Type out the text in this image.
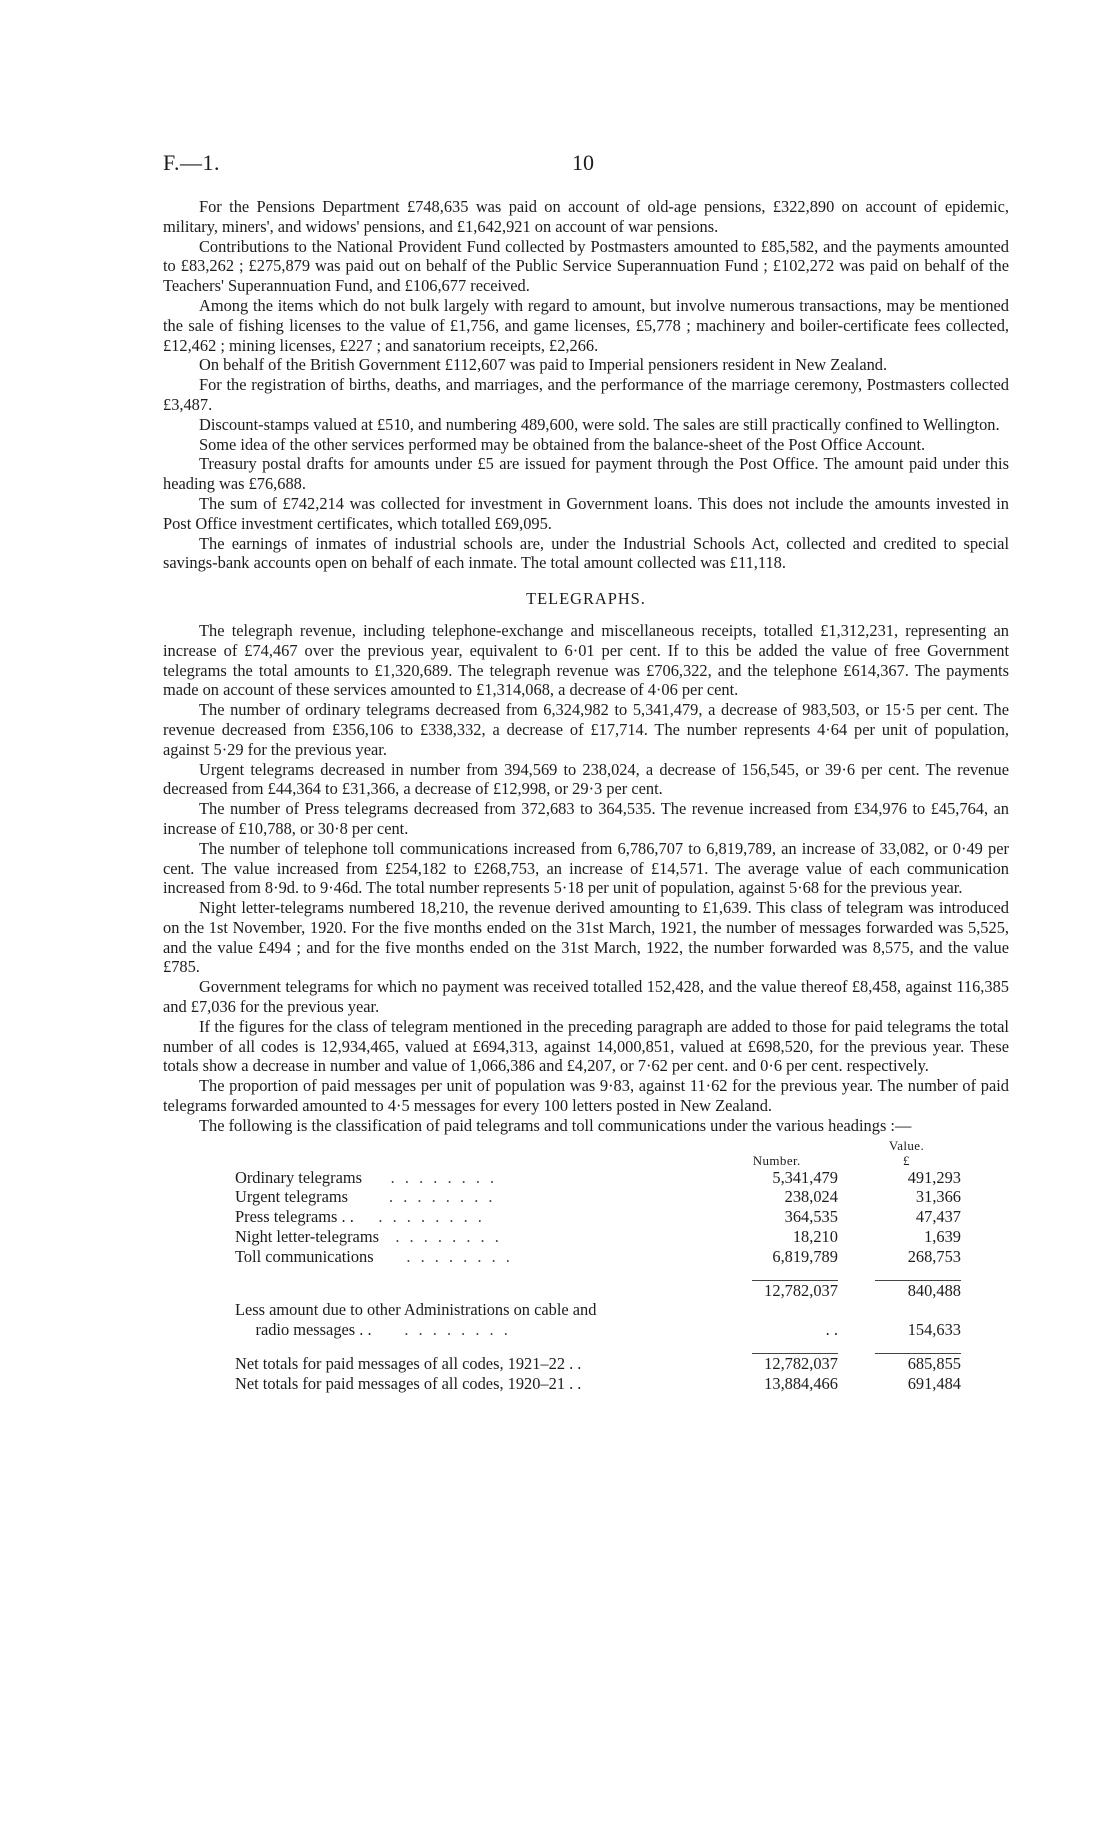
F.—1.	10

For the Pensions Department £748,635 was paid on account of old-age pensions, £322,890 on account of epidemic, military, miners', and widows' pensions, and £1,642,921 on account of war pensions.

Contributions to the National Provident Fund collected by Postmasters amounted to £85,582, and the payments amounted to £83,262 ; £275,879 was paid out on behalf of the Public Service Superannuation Fund ; £102,272 was paid on behalf of the Teachers' Superannuation Fund, and £106,677 received.

Among the items which do not bulk largely with regard to amount, but involve numerous transactions, may be mentioned the sale of fishing licenses to the value of £1,756, and game licenses, £5,778 ; machinery and boiler-certificate fees collected, £12,462 ; mining licenses, £227 ; and sanatorium receipts, £2,266.

On behalf of the British Government £112,607 was paid to Imperial pensioners resident in New Zealand.

For the registration of births, deaths, and marriages, and the performance of the marriage ceremony, Postmasters collected £3,487.

Discount-stamps valued at £510, and numbering 489,600, were sold. The sales are still practically confined to Wellington.

Some idea of the other services performed may be obtained from the balance-sheet of the Post Office Account.

Treasury postal drafts for amounts under £5 are issued for payment through the Post Office. The amount paid under this heading was £76,688.

The sum of £742,214 was collected for investment in Government loans. This does not include the amounts invested in Post Office investment certificates, which totalled £69,095.

The earnings of inmates of industrial schools are, under the Industrial Schools Act, collected and credited to special savings-bank accounts open on behalf of each inmate. The total amount collected was £11,118.

TELEGRAPHS.

The telegraph revenue, including telephone-exchange and miscellaneous receipts, totalled £1,312,231, representing an increase of £74,467 over the previous year, equivalent to 6·01 per cent. If to this be added the value of free Government telegrams the total amounts to £1,320,689. The telegraph revenue was £706,322, and the telephone £614,367. The payments made on account of these services amounted to £1,314,068, a decrease of 4·06 per cent.

The number of ordinary telegrams decreased from 6,324,982 to 5,341,479, a decrease of 983,503, or 15·5 per cent. The revenue decreased from £356,106 to £338,332, a decrease of £17,714. The number represents 4·64 per unit of population, against 5·29 for the previous year.

Urgent telegrams decreased in number from 394,569 to 238,024, a decrease of 156,545, or 39·6 per cent. The revenue decreased from £44,364 to £31,366, a decrease of £12,998, or 29·3 per cent.

The number of Press telegrams decreased from 372,683 to 364,535. The revenue increased from £34,976 to £45,764, an increase of £10,788, or 30·8 per cent.

The number of telephone toll communications increased from 6,786,707 to 6,819,789, an increase of 33,082, or 0·49 per cent. The value increased from £254,182 to £268,753, an increase of £14,571. The average value of each communication increased from 8·9d. to 9·46d. The total number represents 5·18 per unit of population, against 5·68 for the previous year.

Night letter-telegrams numbered 18,210, the revenue derived amounting to £1,639. This class of telegram was introduced on the 1st November, 1920. For the five months ended on the 31st March, 1921, the number of messages forwarded was 5,525, and the value £494 ; and for the five months ended on the 31st March, 1922, the number forwarded was 8,575, and the value £785.

Government telegrams for which no payment was received totalled 152,428, and the value thereof £8,458, against 116,385 and £7,036 for the previous year.

If the figures for the class of telegram mentioned in the preceding paragraph are added to those for paid telegrams the total number of all codes is 12,934,465, valued at £694,313, against 14,000,851, valued at £698,520, for the previous year. These totals show a decrease in number and value of 1,066,386 and £4,207, or 7·62 per cent. and 0·6 per cent. respectively.

The proportion of paid messages per unit of population was 9·83, against 11·62 for the previous year. The number of paid telegrams forwarded amounted to 4·5 messages for every 100 letters posted in New Zealand.

The following is the classification of paid telegrams and toll communications under the various headings :—

	Number.	Value.
£

Ordinary telegrams . . . . . . . .	5,341,479	491,293
Urgent telegrams . . . . . . . .	238,024	31,366
Press telegrams . . . . . . . . . .	364,535	47,437
Night letter-telegrams . . . . . . . .	18,210	1,639
Toll communications . . . . . . . .	6,819,789	268,753

	12,782,037	840,488
Less amount due to other Administrations on cable and		
radio messages . . . . . . . . . .	. .	154,633

Net totals for paid messages of all codes, 1921–22 . .	12,782,037	685,855
Net totals for paid messages of all codes, 1920–21 . .	13,884,466	691,484
